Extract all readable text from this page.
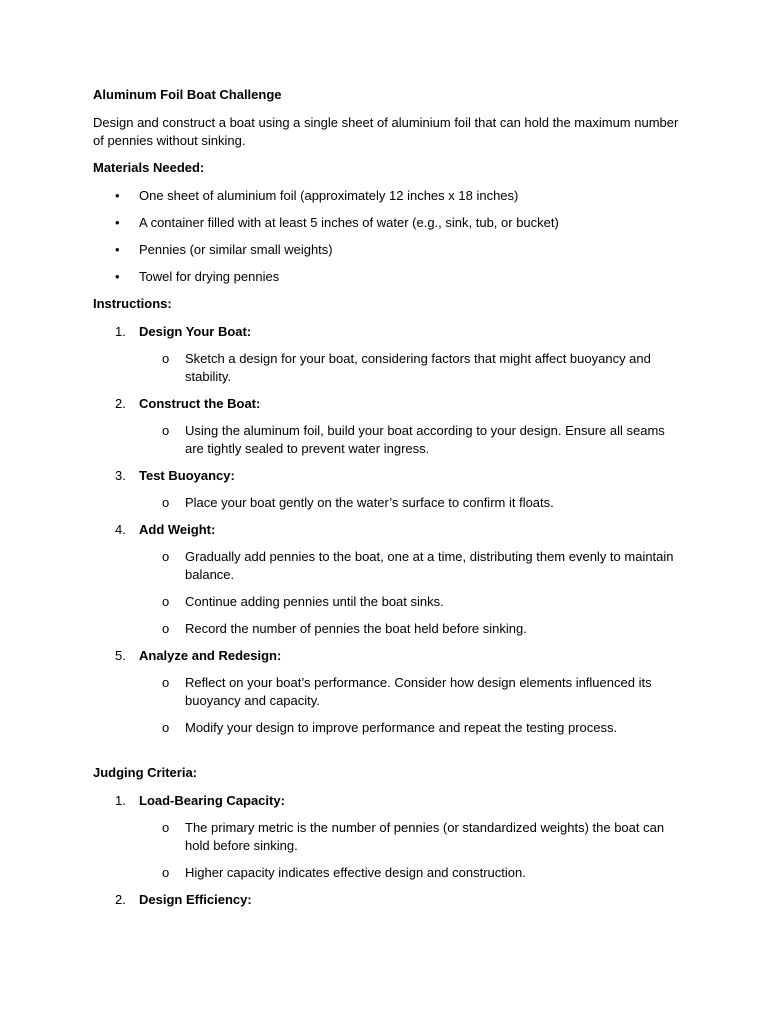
Aluminum Foil Boat Challenge
Design and construct a boat using a single sheet of aluminium foil that can hold the maximum number of pennies without sinking.
Materials Needed:
• One sheet of aluminium foil (approximately 12 inches x 18 inches)
• A container filled with at least 5 inches of water (e.g., sink, tub, or bucket)
• Pennies (or similar small weights)
• Towel for drying pennies
Instructions:
1. Design Your Boat:
o Sketch a design for your boat, considering factors that might affect buoyancy and stability.
2. Construct the Boat:
o Using the aluminum foil, build your boat according to your design. Ensure all seams are tightly sealed to prevent water ingress.
3. Test Buoyancy:
o Place your boat gently on the water’s surface to confirm it floats.
4. Add Weight:
o Gradually add pennies to the boat, one at a time, distributing them evenly to maintain balance.
o Continue adding pennies until the boat sinks.
o Record the number of pennies the boat held before sinking.
5. Analyze and Redesign:
o Reflect on your boat’s performance. Consider how design elements influenced its buoyancy and capacity.
o Modify your design to improve performance and repeat the testing process.
Judging Criteria:
1. Load-Bearing Capacity:
o The primary metric is the number of pennies (or standardized weights) the boat can hold before sinking.
o Higher capacity indicates effective design and construction.
2. Design Efficiency:
